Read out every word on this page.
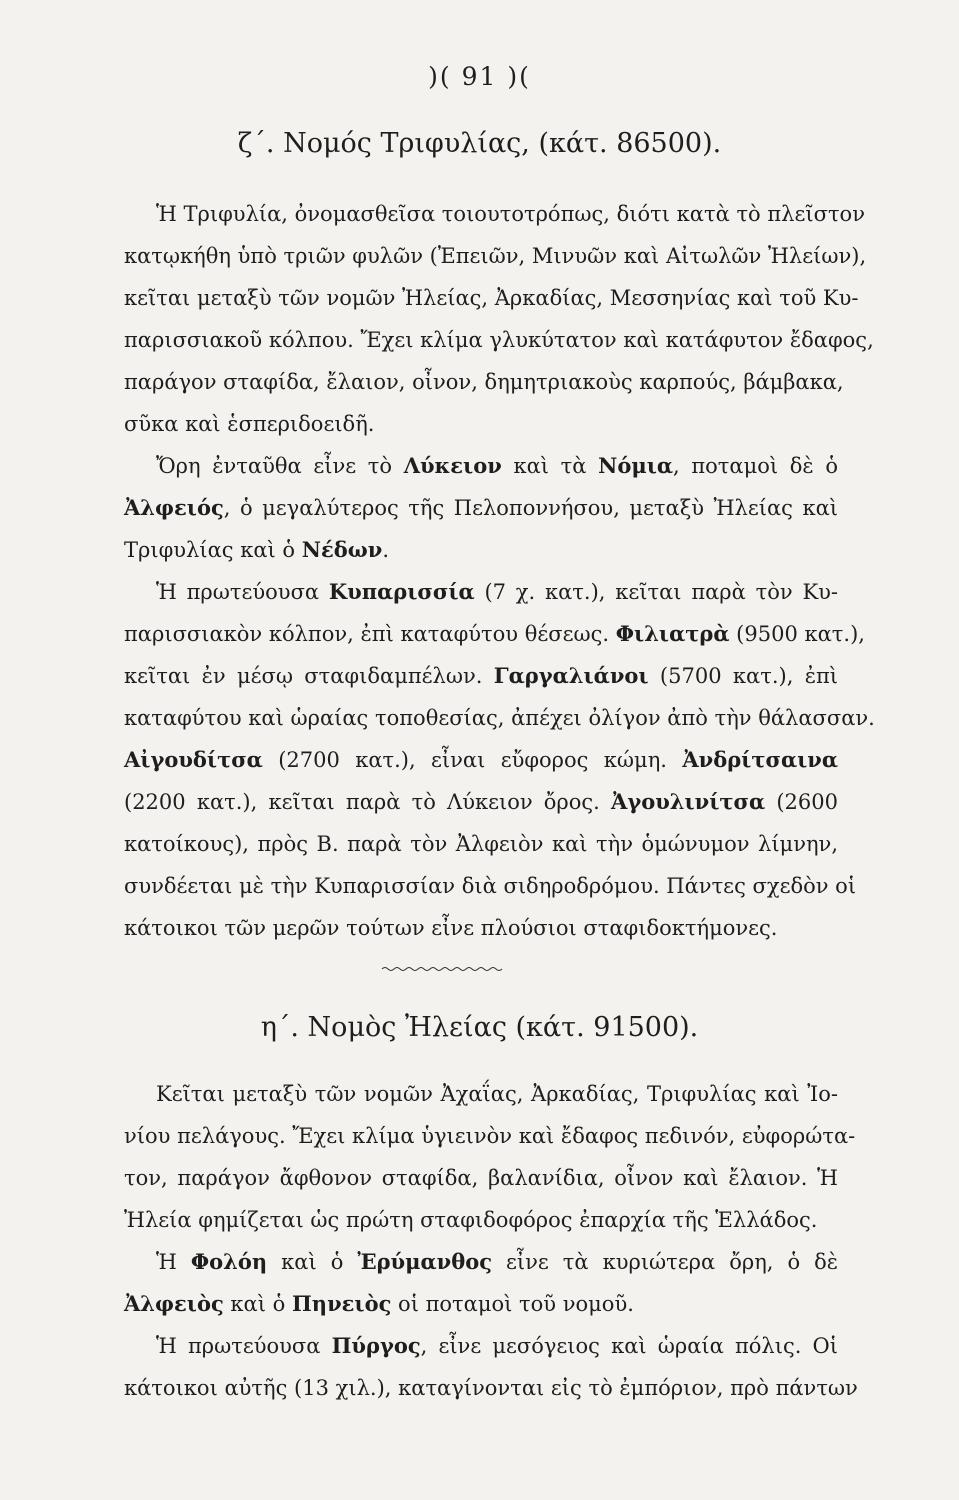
)( 91 )(
ζ΄. Νομός Τριφυλίας, (κάτ. 86500).
Ἡ Τριφυλία, ὀνομασθεῖσα τοιουτοτρόπως, διότι κατὰ τὸ πλεῖστον
κατῳκήθη ὑπὸ τριῶν φυλῶν (Ἐπειῶν, Μινυῶν καὶ Αἰτωλῶν Ἠλείων),
κεῖται μεταξὺ τῶν νομῶν Ἠλείας, Ἀρκαδίας, Μεσσηνίας καὶ τοῦ Κυ-
παρισσιακοῦ κόλπου. Ἔχει κλίμα γλυκύτατον καὶ κατάφυτον ἔδαφος,
παράγον σταφίδα, ἔλαιον, οἶνον, δημητριακοὺς καρπούς, βάμβακα,
σῦκα καὶ ἑσπεριδοειδῆ.
Ὄρη ἐνταῦθα εἶνε τὸ Λύκειον καὶ τὰ Νόμια, ποταμοὶ δὲ ὁ
Ἀλφειός, ὁ μεγαλύτερος τῆς Πελοποννήσου, μεταξὺ Ἠλείας καὶ
Τριφυλίας καὶ ὁ Νέδων.
Ἡ πρωτεύουσα Κυπαρισσία (7 χ. κατ.), κεῖται παρὰ τὸν Κυ-
παρισσιακὸν κόλπον, ἐπὶ καταφύτου θέσεως. Φιλιατρὰ (9500 κατ.),
κεῖται ἐν μέσῳ σταφιδαμπέλων. Γαργαλιάνοι (5700 κατ.), ἐπὶ
καταφύτου καὶ ὡραίας τοποθεσίας, ἀπέχει ὀλίγον ἀπὸ τὴν θάλασσαν.
Αἰγουδίτσα (2700 κατ.), εἶναι εὔφορος κώμη. Ἀνδρίτσαινα
(2200 κατ.), κεῖται παρὰ τὸ Λύκειον ὄρος. Ἀγουλινίτσα (2600
κατοίκους), πρὸς Β. παρὰ τὸν Ἀλφειὸν καὶ τὴν ὁμώνυμον λίμνην,
συνδέεται μὲ τὴν Κυπαρισσίαν διὰ σιδηροδρόμου. Πάντες σχεδὸν οἱ
κάτοικοι τῶν μερῶν τούτων εἶνε πλούσιοι σταφιδοκτήμονες.
η΄. Νομὸς Ἠλείας (κάτ. 91500).
Κεῖται μεταξὺ τῶν νομῶν Ἀχαΐας, Ἀρκαδίας, Τριφυλίας καὶ Ἰο-
νίου πελάγους. Ἔχει κλίμα ὑγιεινὸν καὶ ἔδαφος πεδινόν, εὐφορώτα-
τον, παράγον ἄφθονον σταφίδα, βαλανίδια, οἶνον καὶ ἔλαιον. Ἡ
Ἠλεία φημίζεται ὡς πρώτη σταφιδοφόρος ἐπαρχία τῆς Ἑλλάδος.
Ἡ Φολόη καὶ ὁ Ἐρύμανθος εἶνε τὰ κυριώτερα ὄρη, ὁ δὲ
Ἀλφειὸς καὶ ὁ Πηνειὸς οἱ ποταμοὶ τοῦ νομοῦ.
Ἡ πρωτεύουσα Πύργος, εἶνε μεσόγειος καὶ ὡραία πόλις. Οἱ
κάτοικοι αὐτῆς (13 χιλ.), καταγίνονται εἰς τὸ ἐμπόριον, πρὸ πάντων
